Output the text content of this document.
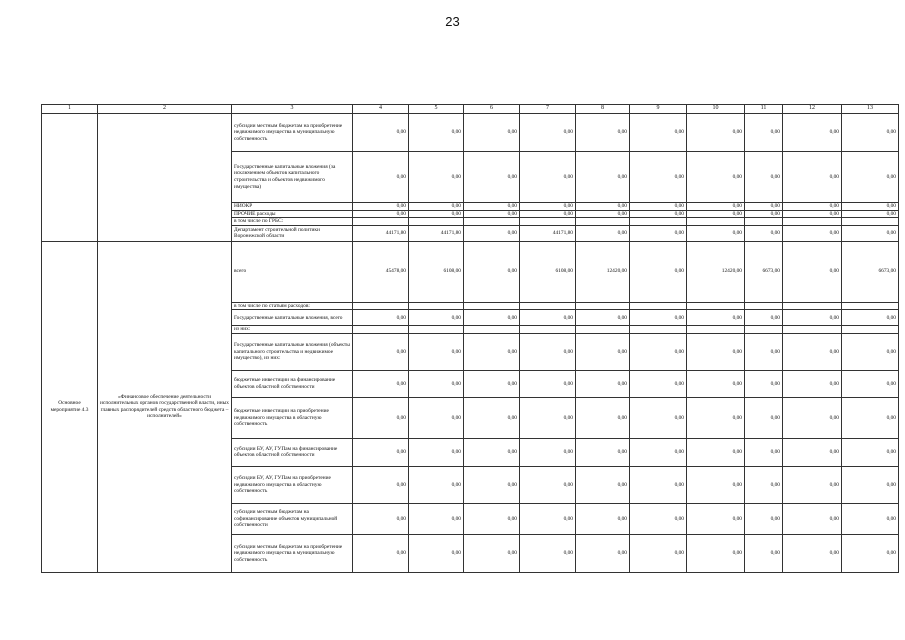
23
1	2	3	4	5	6	7	8	9	10	11	12	13
		субсидии местным бюджетам на приобретение недвижимого имущества в муниципальную собственность	0,00	0,00	0,00	0,00	0,00	0,00	0,00	0,00	0,00	0,00
		Государственные капитальные вложения (за исключением объектов капитального строительства и объектов недвижимого имущества)	0,00	0,00	0,00	0,00	0,00	0,00	0,00	0,00	0,00	0,00
		НИОКР	0,00	0,00	0,00	0,00	0,00	0,00	0,00	0,00	0,00	0,00
		ПРОЧИЕ расходы	0,00	0,00	0,00	0,00	0,00	0,00	0,00	0,00	0,00	0,00
		в том числе по ГРБС:										
		Департамент строительной политики Воронежской области	44171,80	44171,80	0,00	44171,80	0,00	0,00	0,00	0,00	0,00	0,00
Основное мероприятие 4.3	«Финансовое обеспечение деятельности исполнительных органов государственной власти, иных главных распорядителей средств областного бюджета – исполнителей»	всего	45478,00	6108,00	0,00	6108,00	12420,00	0,00	12420,00	6673,00	0,00	6673,00
		в том числе по статьям расходов:										
		Государственные капитальные вложения, всего	0,00	0,00	0,00	0,00	0,00	0,00	0,00	0,00	0,00	0,00
		из них:										
		Государственные капитальные вложения (объекты капитального строительства и недвижимое имущество), из них:	0,00	0,00	0,00	0,00	0,00	0,00	0,00	0,00	0,00	0,00
		бюджетные инвестиции на финансирование объектов областной собственности	0,00	0,00	0,00	0,00	0,00	0,00	0,00	0,00	0,00	0,00
		бюджетные инвестиции на приобретение недвижимого имущества в областную собственность	0,00	0,00	0,00	0,00	0,00	0,00	0,00	0,00	0,00	0,00
		субсидии БУ, АУ, ГУПам на финансирование объектов областной собственности	0,00	0,00	0,00	0,00	0,00	0,00	0,00	0,00	0,00	0,00
		субсидии БУ, АУ, ГУПам на приобретение недвижимого имущества в областную собственность	0,00	0,00	0,00	0,00	0,00	0,00	0,00	0,00	0,00	0,00
		субсидии местным бюджетам на софинансирование объектов муниципальной собственности	0,00	0,00	0,00	0,00	0,00	0,00	0,00	0,00	0,00	0,00
		субсидии местным бюджетам на приобретение недвижимого имущества в муниципальную собственность	0,00	0,00	0,00	0,00	0,00	0,00	0,00	0,00	0,00	0,00
